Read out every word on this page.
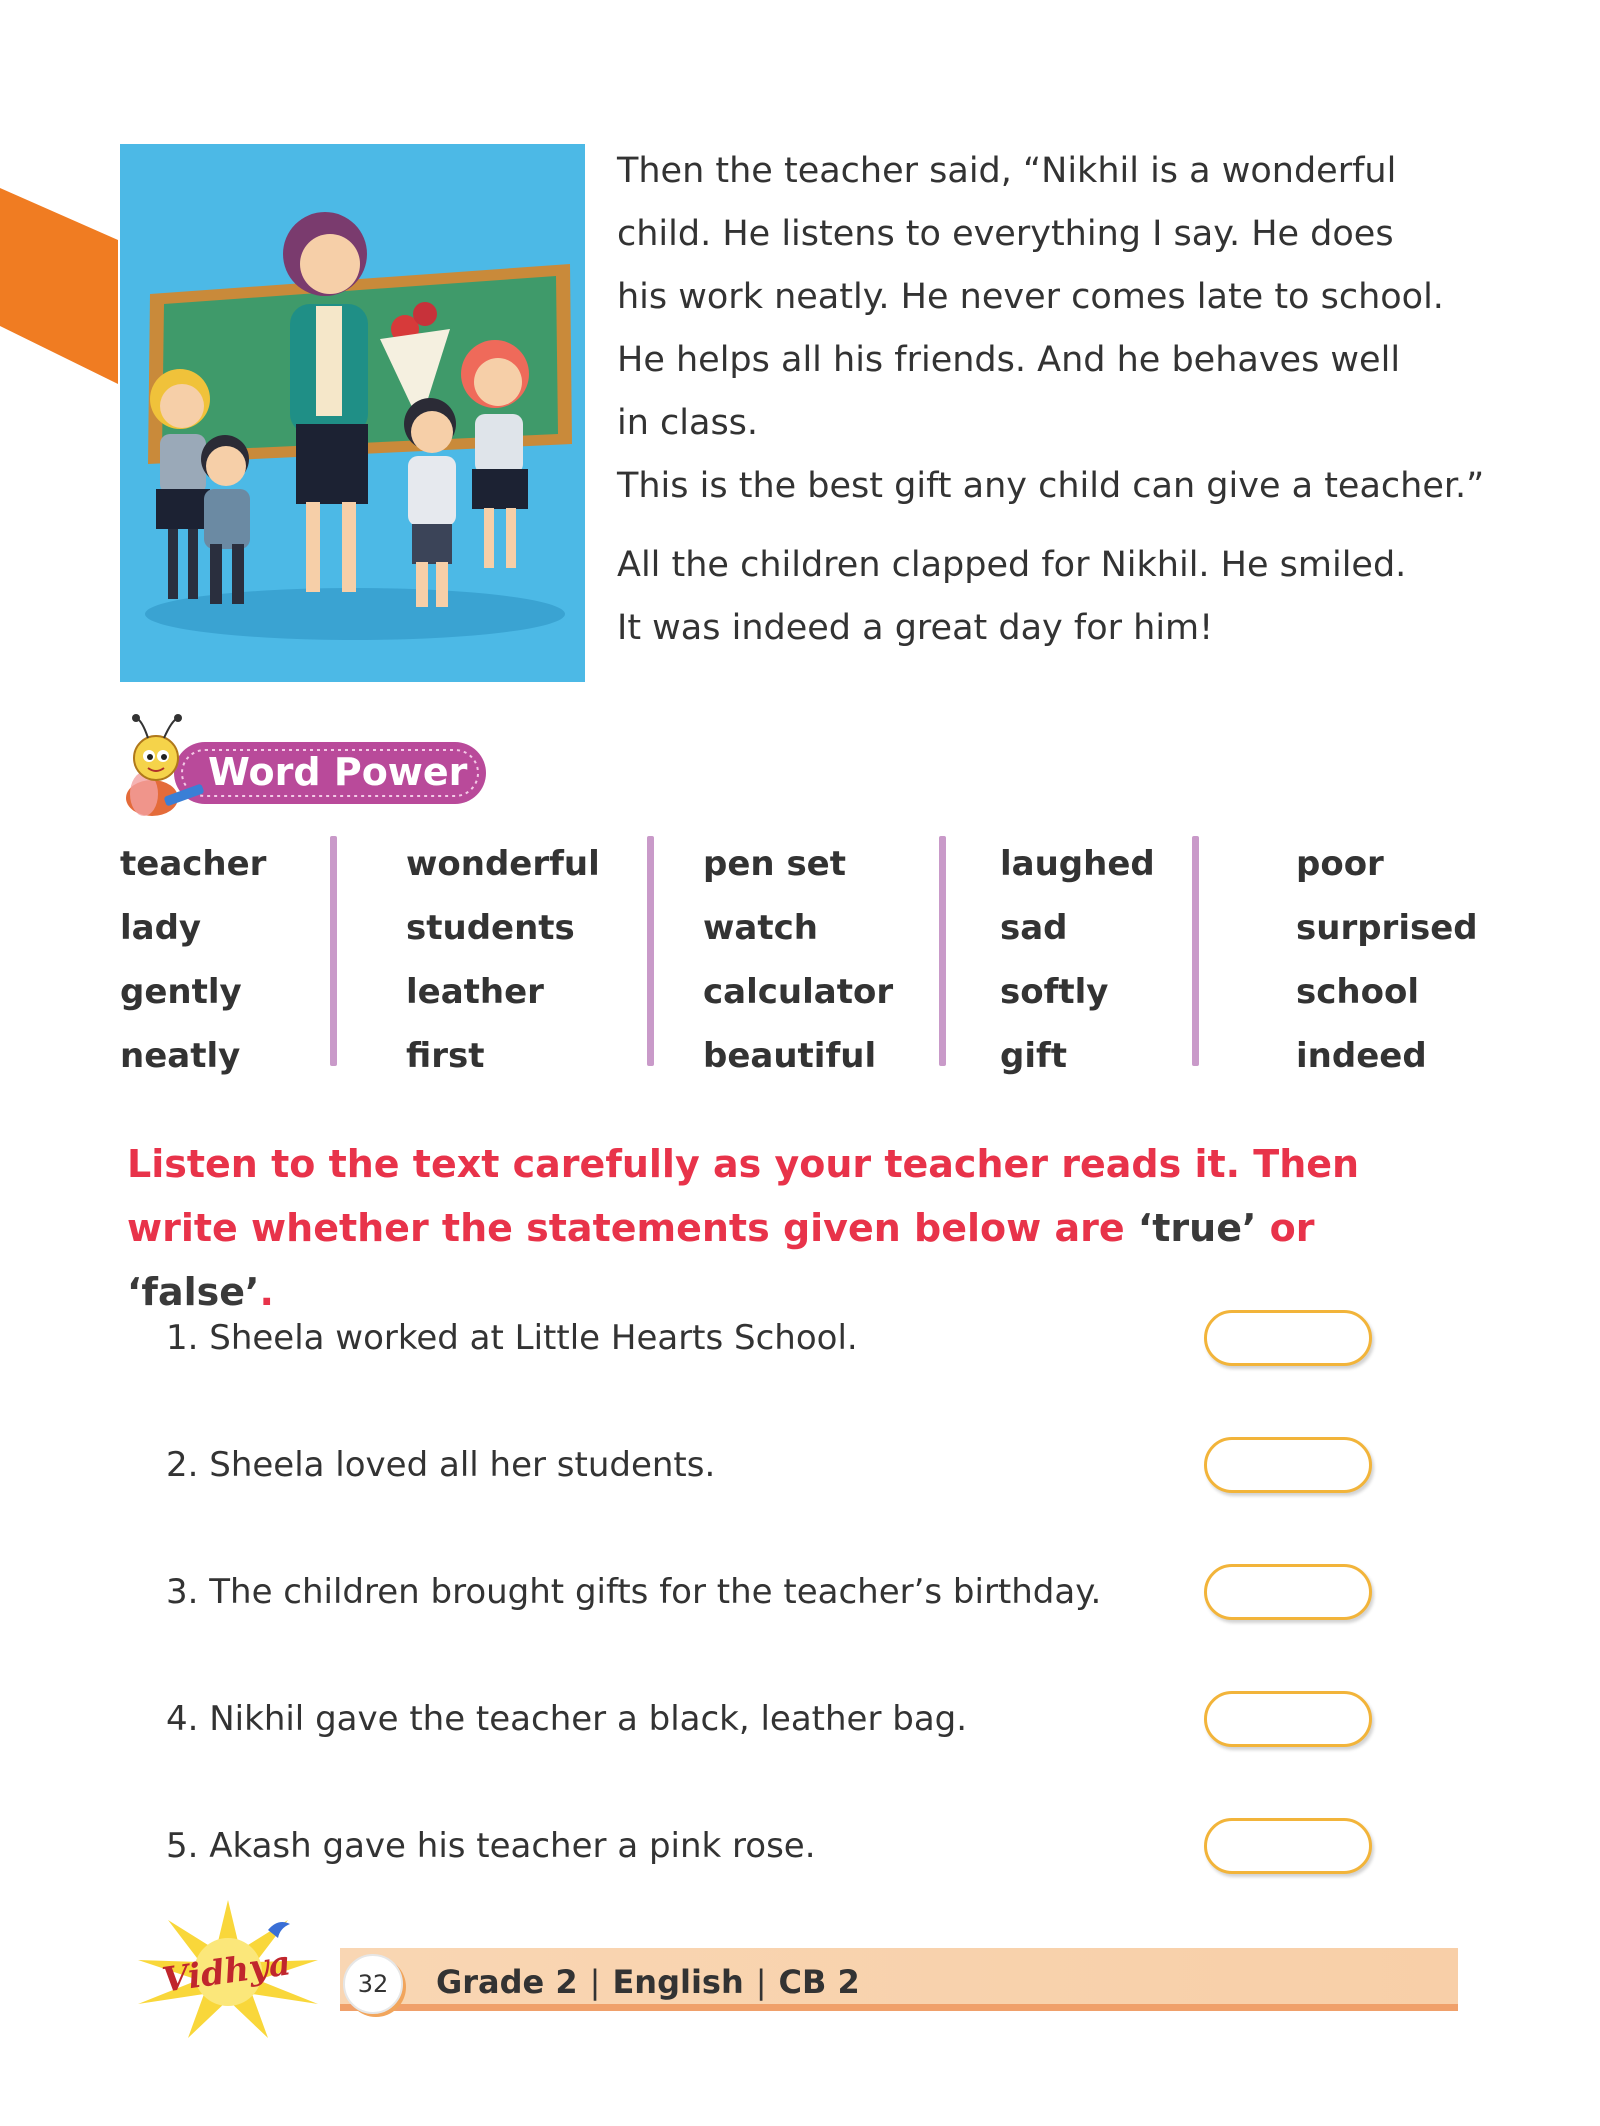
Then the teacher said, “Nikhil is a wonderful

child. He listens to everything I say. He does

his work neatly. He never comes late to school.

He helps all his friends. And he behaves well

in class.

This is the best gift any child can give a teacher.”

All the children clapped for Nikhil. He smiled.

It was indeed a great day for him!

Word Power
teacher
lady
gently
neatly
wonderful
students
leather
first
pen set
watch
calculator
beautiful
laughed
sad
softly
gift
poor
surprised
school
indeed
Listen to the text carefully as your teacher reads it. Then
write whether the statements given below are ‘true’ or ‘false’.
1. Sheela worked at Little Hearts School.
2. Sheela loved all her students.
3. The children brought gifts for the teacher’s birthday.
4. Nikhil gave the teacher a black, leather bag.
5. Akash gave his teacher a pink rose.
Vidhya	32	Grade 2 | English | CB 2
